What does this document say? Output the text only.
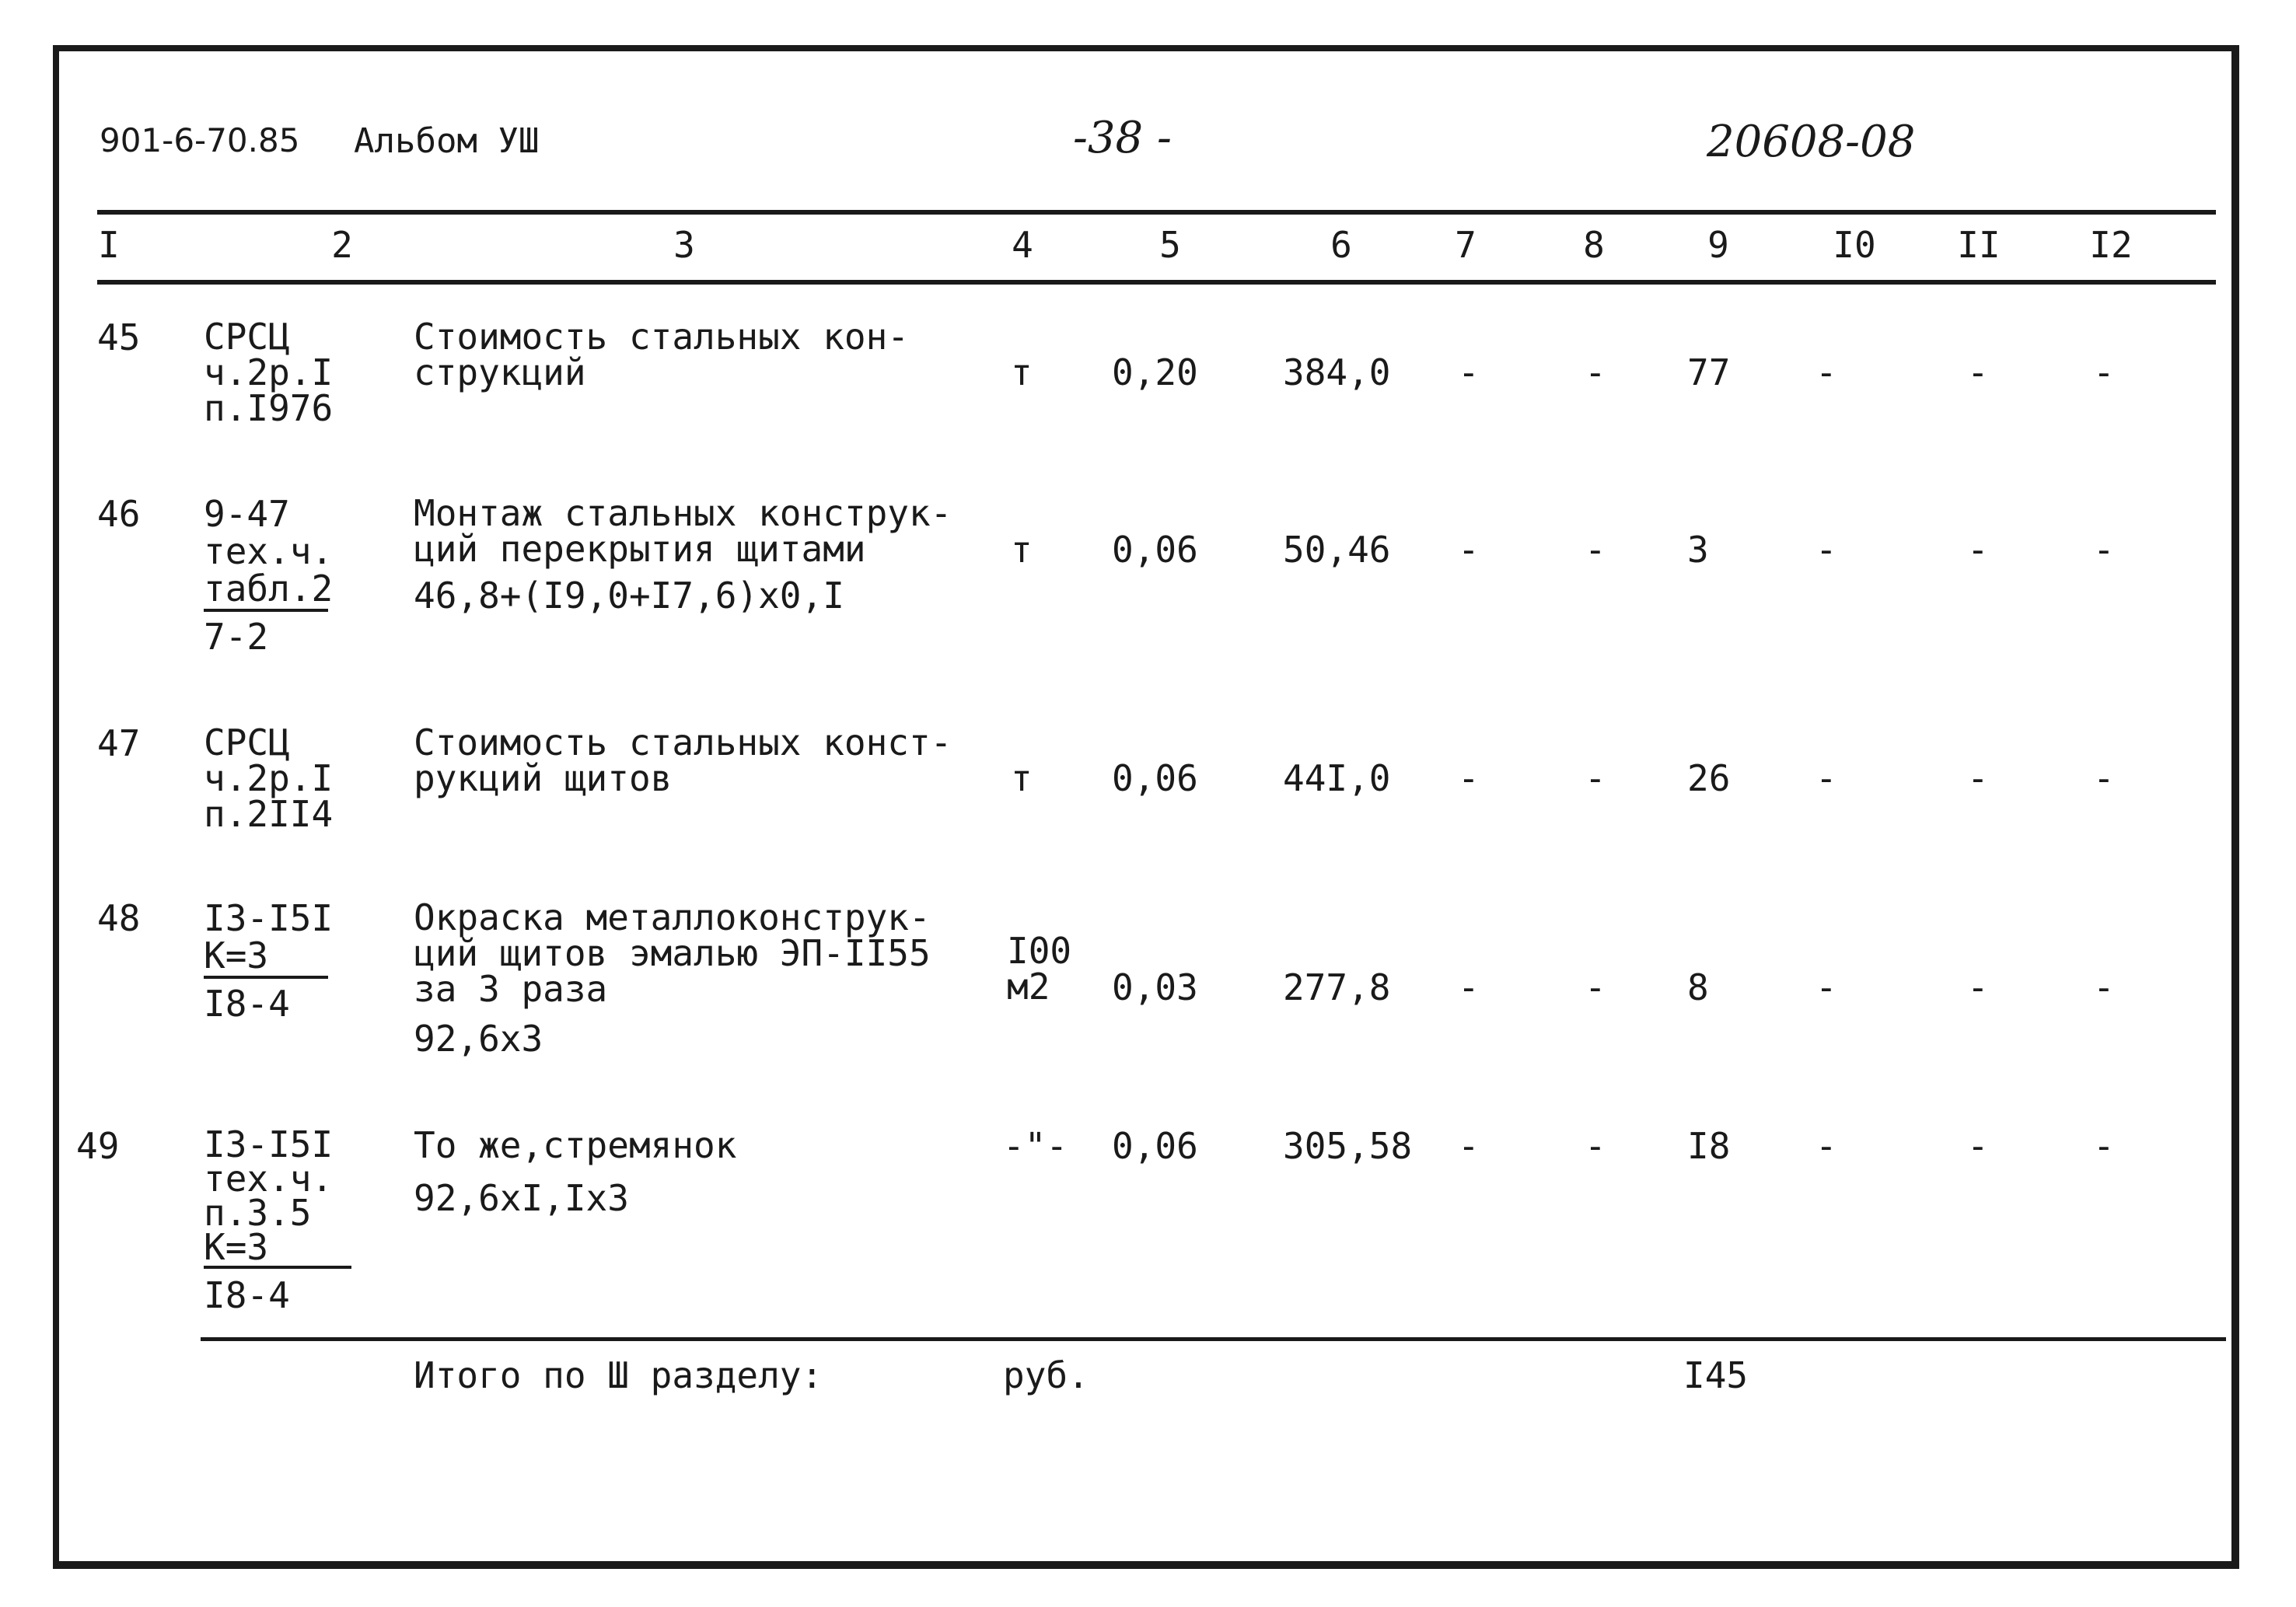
901-6-70.85 Альбом УШ	-38 -	20608-08
I	2	3	4	5	6	7	8	9	I0 II I2
45 СРСЦ
ч.2р.I
п.I976
Стоимость стальных кон-
струкций	т 0,20 384,0 -	- 77 -	-	-
46 9-47
тех.ч.
табл.2
7-2
Монтаж стальных конструк-
ций перекрытия щитами
46,8+(I9,0+I7,6)x0,I
т 0,06 50,46 -	- 3	-	-	-
47 СРСЦ
ч.2р.I
п.2II4
Стоимость стальных конст-
рукций щитов	т 0,06 44I,0 -	- 26 -	-	-
48 I3-I5I
К=3
I8-4
Окраска металлоконструк-
ций щитов эмалью ЭП-II55
за 3 раза
92,6x3
I00
м2	0,03 277,8 -	- 8	-	-	-
49 I3-I5I
тех.ч.
п.3.5
К=3
I8-4
То же,стремянок
92,6xI,Ix3
-"- 0,06 305,58 -	- I8 -	-	-
Итого по Ш разделу:	руб.	I45
